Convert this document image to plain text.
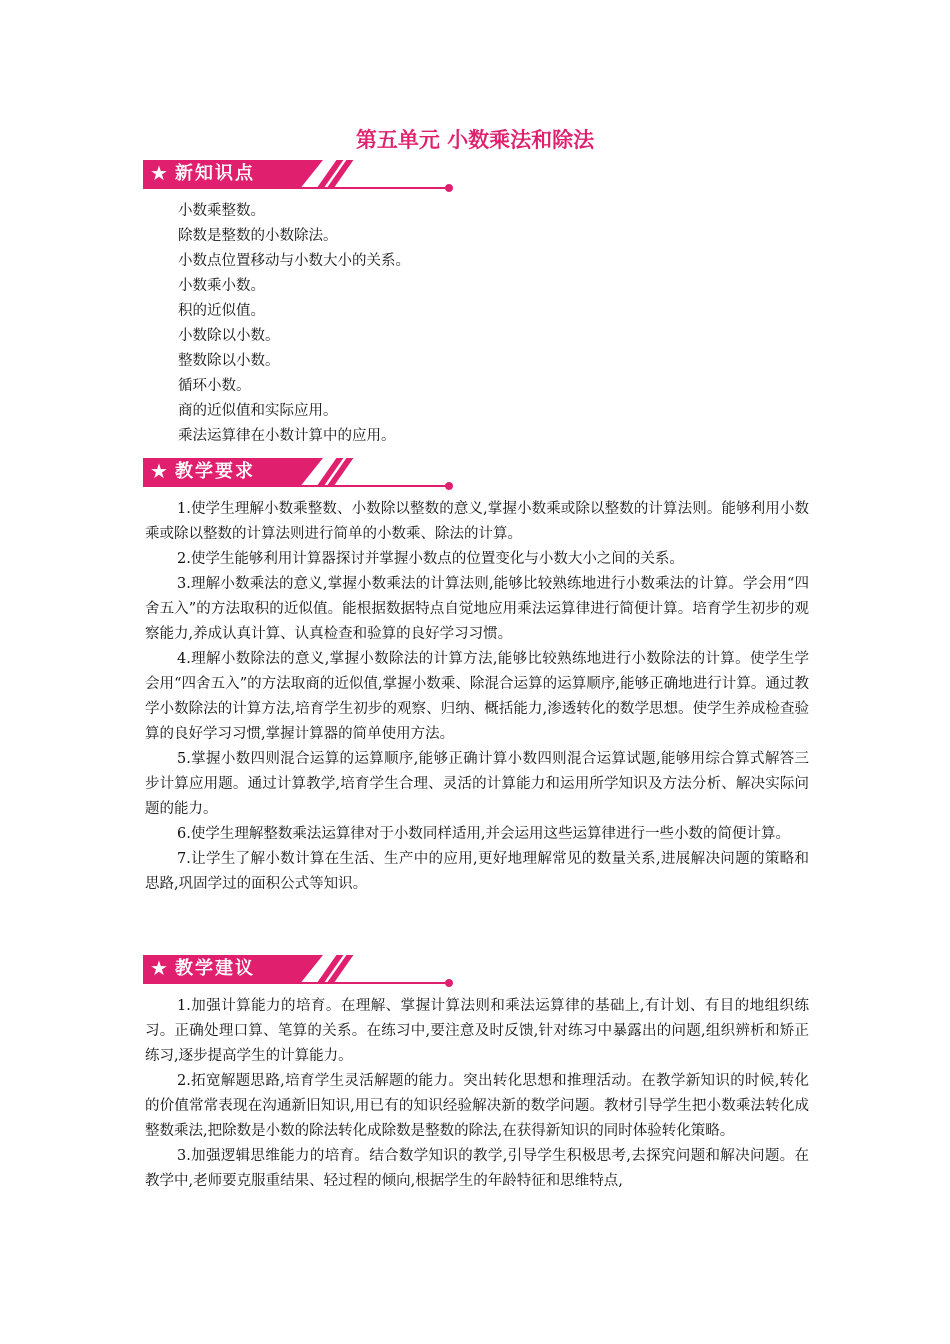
第五单元 小数乘法和除法
★ 新知识点
小数乘整数。
除数是整数的小数除法。
小数点位置移动与小数大小的关系。
小数乘小数。
积的近似值。
小数除以小数。
整数除以小数。
循环小数。
商的近似值和实际应用。
乘法运算律在小数计算中的应用。
★ 教学要求

1.使学生理解小数乘整数、小数除以整数的意义,掌握小数乘或除以整数的计算法则。能够利用小数乘或除以整数的计算法则进行简单的小数乘、除法的计算。

2.使学生能够利用计算器探讨并掌握小数点的位置变化与小数大小之间的关系。

3.理解小数乘法的意义,掌握小数乘法的计算法则,能够比较熟练地进行小数乘法的计算。学会用“四舍五入”的方法取积的近似值。能根据数据特点自觉地应用乘法运算律进行简便计算。培育学生初步的观察能力,养成认真计算、认真检查和验算的良好学习习惯。

4.理解小数除法的意义,掌握小数除法的计算方法,能够比较熟练地进行小数除法的计算。使学生学会用“四舍五入”的方法取商的近似值,掌握小数乘、除混合运算的运算顺序,能够正确地进行计算。通过教学小数除法的计算方法,培育学生初步的观察、归纳、概括能力,渗透转化的数学思想。使学生养成检查验算的良好学习习惯,掌握计算器的简单使用方法。

5.掌握小数四则混合运算的运算顺序,能够正确计算小数四则混合运算试题,能够用综合算式解答三步计算应用题。通过计算教学,培育学生合理、灵活的计算能力和运用所学知识及方法分析、解决实际问题的能力。

6.使学生理解整数乘法运算律对于小数同样适用,并会运用这些运算律进行一些小数的简便计算。

7.让学生了解小数计算在生活、生产中的应用,更好地理解常见的数量关系,进展解决问题的策略和思路,巩固学过的面积公式等知识。

★ 教学建议

1.加强计算能力的培育。在理解、掌握计算法则和乘法运算律的基础上,有计划、有目的地组织练习。正确处理口算、笔算的关系。在练习中,要注意及时反馈,针对练习中暴露出的问题,组织辨析和矫正练习,逐步提高学生的计算能力。

2.拓宽解题思路,培育学生灵活解题的能力。突出转化思想和推理活动。在教学新知识的时候,转化的价值常常表现在沟通新旧知识,用已有的知识经验解决新的数学问题。教材引导学生把小数乘法转化成整数乘法,把除数是小数的除法转化成除数是整数的除法,在获得新知识的同时体验转化策略。

3.加强逻辑思维能力的培育。结合数学知识的教学,引导学生积极思考,去探究问题和解决问题。在教学中,老师要克服重结果、轻过程的倾向,根据学生的年龄特征和思维特点,
